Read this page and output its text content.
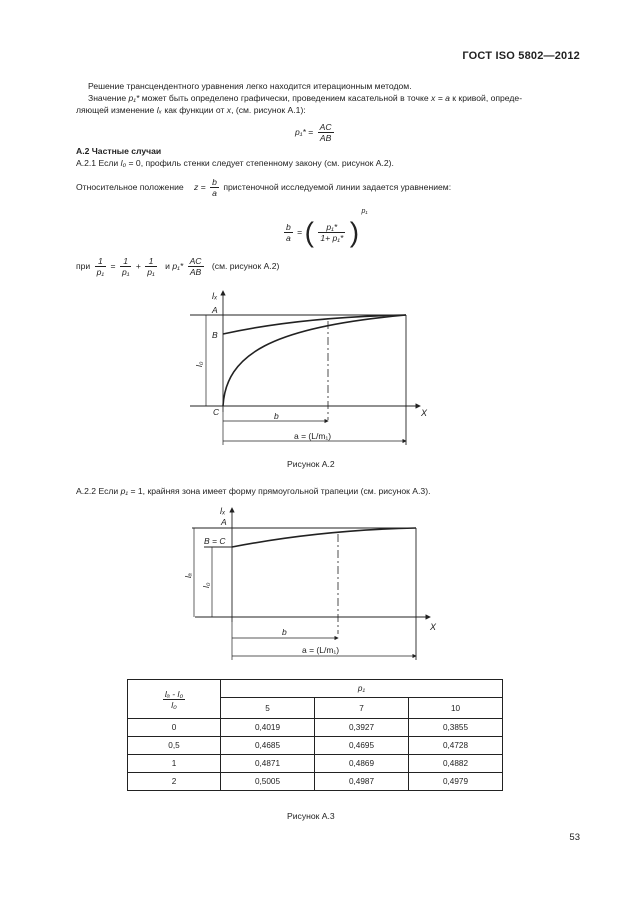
ГОСТ ISO 5802—2012
Решение трансцендентного уравнения легко находится итерационным методом.
Значение p₁* может быть определено графически, проведением касательной в точке x = a к кривой, опреде-
ляющей изменение lₓ как функции от x, (см. рисунок А.1):
$p_1* = \frac{AC}{AB}$
А.2 Частные случаи
А.2.1 Если l₀ = 0, профиль стенки следует степенному закону (см. рисунок А.2).
Относительное положение $z = \frac{b}{a}$ пристеночной исследуемой линии задается уравнением:
$\frac{b}{a}$ = ( $\frac{\text{p₁*}}{\text{1+ p₁*}}$ ) $^{p_1}$
при $\frac{1}{\text{p₁}} = \frac{1}{\text{p₁}} + \frac{1}{\text{p₁}}$ и $p_1* \frac{AC}{AB} (см$. рисунок А.2)
lₓ
X
A
B
C
l₀
b
a = (L/m₁)
Рисунок А.2
А.2.2 Если p₁ = 1, крайняя зона имеет форму прямоугольной трапеции (см. рисунок А.3).
lₓ
X
A
B = C
lₐ
l₀
b
a = (L/m₁)
$\frac{\text{lₐ - l₀}}{\text{l₀}}$	p₁		
	5	7	10
0	0,4019	0,3927	0,3855
0,5	0,4685	0,4695	0,4728
1	0,4871	0,4869	0,4882
2	0,5005	0,4987	0,4979
Рисунок А.3
53
